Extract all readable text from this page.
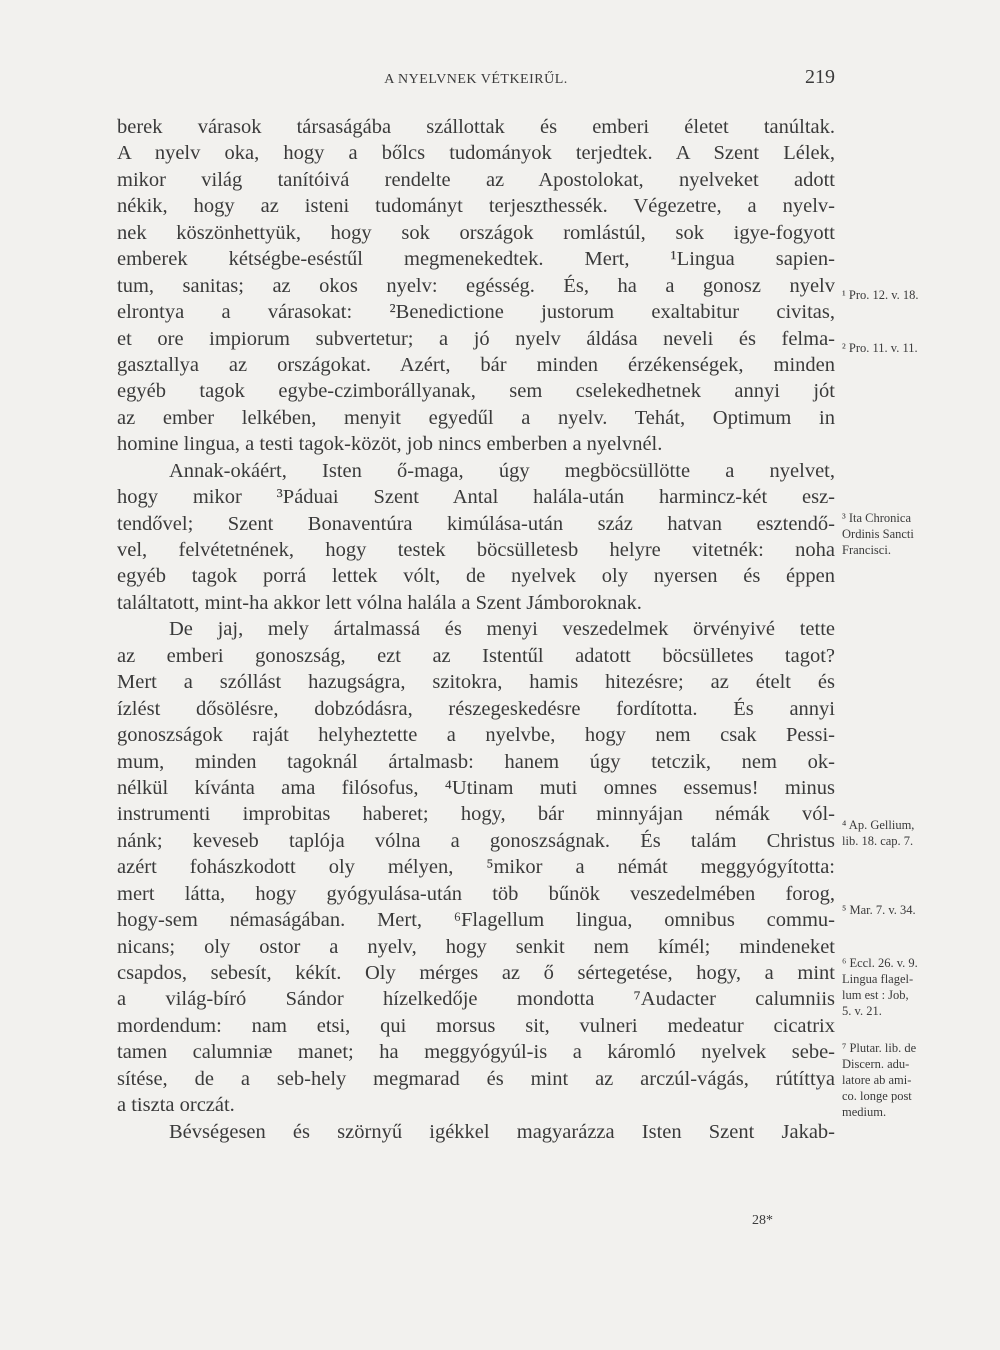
A NYELVNEK VÉTKEIRŰL.	219
berek várasok társaságába szállottak és emberi életet tanúltak.
A nyelv oka, hogy a bőlcs tudományok terjedtek. A Szent Lélek,
mikor világ tanítóivá rendelte az Apostolokat, nyelveket adott
nékik, hogy az isteni tudományt terjeszthessék. Végezetre, a nyelv-
nek köszönhettyük, hogy sok országok romlástúl, sok igye-fogyott
emberek kétségbe-eséstűl megmenekedtek. Mert, ¹Lingua sapien-
tum, sanitas; az okos nyelv: egésség. És, ha a gonosz nyelv
elrontya a várasokat: ²Benedictione justorum exaltabitur civitas,
et ore impiorum subvertetur; a jó nyelv áldása neveli és felma-
gasztallya az országokat. Azért, bár minden érzékenségek, minden
egyéb tagok egybe-czimborállyanak, sem cselekedhetnek annyi jót
az ember lelkében, menyit egyedűl a nyelv. Tehát, Optimum in
homine lingua, a testi tagok-közöt, job nincs emberben a nyelvnél.
Annak-okáért, Isten ő-maga, úgy megböcsüllötte a nyelvet,
hogy mikor ³Páduai Szent Antal halála-után harmincz-két esz-
tendővel; Szent Bonaventúra kimúlása-után száz hatvan esztendő-
vel, felvétetnének, hogy testek böcsülletesb helyre vitetnék: noha
egyéb tagok porrá lettek vólt, de nyelvek oly nyersen és éppen
találtatott, mint-ha akkor lett vólna halála a Szent Jámboroknak.
De jaj, mely ártalmassá és menyi veszedelmek örvényivé tette
az emberi gonoszság, ezt az Istentűl adatott böcsülletes tagot?
Mert a szóllást hazugságra, szitokra, hamis hitezésre; az ételt és
ízlést dősölésre, dobzódásra, részegeskedésre fordította. És annyi
gonoszságok raját helyheztette a nyelvbe, hogy nem csak Pessi-
mum, minden tagoknál ártalmasb: hanem úgy tetczik, nem ok-
nélkül kívánta ama filósofus, ⁴Utinam muti omnes essemus! minus
instrumenti improbitas haberet; hogy, bár minnyájan némák vól-
nánk; keveseb taplója vólna a gonoszságnak. És talám Christus
azért fohászkodott oly mélyen, ⁵mikor a némát meggyógyította:
mert látta, hogy gyógyulása-után töb bűnök veszedelmében forog,
hogy-sem némaságában. Mert, ⁶Flagellum lingua, omnibus commu-
nicans; oly ostor a nyelv, hogy senkit nem kímél; mindeneket
csapdos, sebesít, kékít. Oly mérges az ő sértegetése, hogy, a mint
a világ-bíró Sándor hízelkedője mondotta ⁷Audacter calumniis
mordendum: nam etsi, qui morsus sit, vulneri medeatur cicatrix
tamen calumniæ manet; ha meggyógyúl-is a káromló nyelvek sebe-
sítése, de a seb-hely megmarad és mint az arczúl-vágás, rútíttya
a tiszta orczát.
Bévségesen és szörnyű igékkel magyarázza Isten Szent Jakab-
28*
¹ Pro. 12. v. 18.
² Pro. 11. v. 11.
³ Ita Chronica
Ordinis Sancti
Francisci.
⁴ Ap. Gellium,
lib. 18. cap. 7.
⁵ Mar. 7. v. 34.
⁶ Eccl. 26. v. 9.
Lingua flagel-
lum est : Job,
5. v. 21.
⁷ Plutar. lib. de
Discern. adu-
latore ab ami-
co. longe post
medium.
